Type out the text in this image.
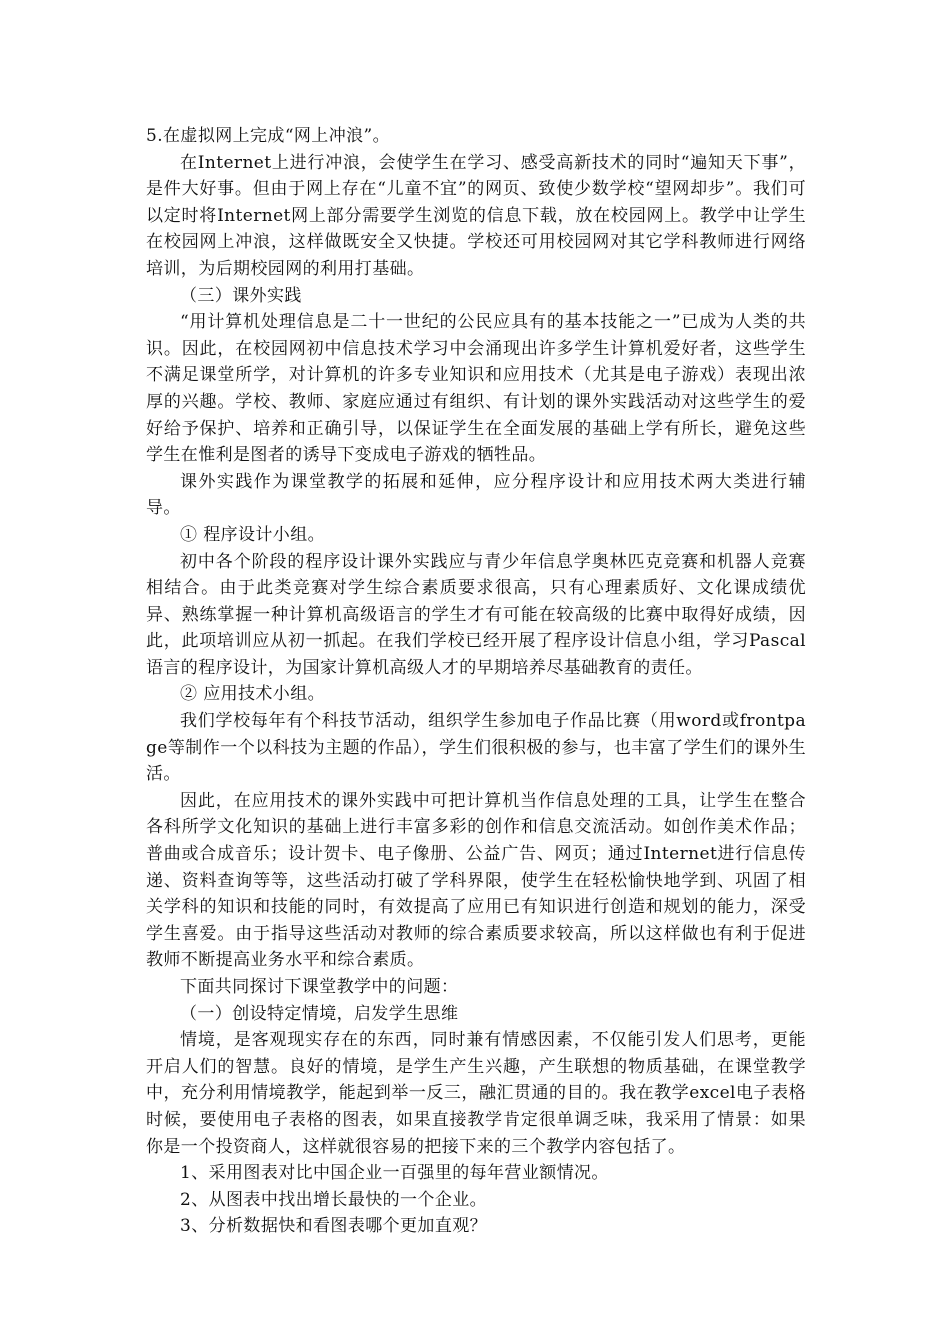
5.在虚拟网上完成“网上冲浪”。

在Internet上进行冲浪，会使学生在学习、感受高新技术的同时“遍知天下事”，是件大好事。但由于网上存在“儿童不宜”的网页、致使少数学校“望网却步”。我们可以定时将Internet网上部分需要学生浏览的信息下载，放在校园网上。教学中让学生在校园网上冲浪，这样做既安全又快捷。学校还可用校园网对其它学科教师进行网络培训，为后期校园网的利用打基础。

（三）课外实践

“用计算机处理信息是二十一世纪的公民应具有的基本技能之一”已成为人类的共识。因此，在校园网初中信息技术学习中会涌现出许多学生计算机爱好者，这些学生不满足课堂所学，对计算机的许多专业知识和应用技术（尤其是电子游戏）表现出浓厚的兴趣。学校、教师、家庭应通过有组织、有计划的课外实践活动对这些学生的爱好给予保护、培养和正确引导，以保证学生在全面发展的基础上学有所长，避免这些学生在惟利是图者的诱导下变成电子游戏的牺牲品。

课外实践作为课堂教学的拓展和延伸，应分程序设计和应用技术两大类进行辅导。

① 程序设计小组。

初中各个阶段的程序设计课外实践应与青少年信息学奥林匹克竞赛和机器人竞赛相结合。由于此类竞赛对学生综合素质要求很高，只有心理素质好、文化课成绩优异、熟练掌握一种计算机高级语言的学生才有可能在较高级的比赛中取得好成绩，因此，此项培训应从初一抓起。在我们学校已经开展了程序设计信息小组，学习Pascal语言的程序设计，为国家计算机高级人才的早期培养尽基础教育的责任。

② 应用技术小组。

我们学校每年有个科技节活动，组织学生参加电子作品比赛（用word或frontpage等制作一个以科技为主题的作品），学生们很积极的参与，也丰富了学生们的课外生活。

因此，在应用技术的课外实践中可把计算机当作信息处理的工具，让学生在整合各科所学文化知识的基础上进行丰富多彩的创作和信息交流活动。如创作美术作品；普曲或合成音乐；设计贺卡、电子像册、公益广告、网页；通过Internet进行信息传递、资料查询等等，这些活动打破了学科界限，使学生在轻松愉快地学到、巩固了相关学科的知识和技能的同时，有效提高了应用已有知识进行创造和规划的能力，深受学生喜爱。由于指导这些活动对教师的综合素质要求较高，所以这样做也有利于促进教师不断提高业务水平和综合素质。

下面共同探讨下课堂教学中的问题：

（一）创设特定情境，启发学生思维

情境，是客观现实存在的东西，同时兼有情感因素，不仅能引发人们思考，更能开启人们的智慧。良好的情境，是学生产生兴趣，产生联想的物质基础，在课堂教学中，充分利用情境教学，能起到举一反三，融汇贯通的目的。我在教学excel电子表格时候，要使用电子表格的图表，如果直接教学肯定很单调乏味，我采用了情景：如果你是一个投资商人，这样就很容易的把接下来的三个教学内容包括了。

1、采用图表对比中国企业一百强里的每年营业额情况。

2、从图表中找出增长最快的一个企业。

3、分析数据快和看图表哪个更加直观？
